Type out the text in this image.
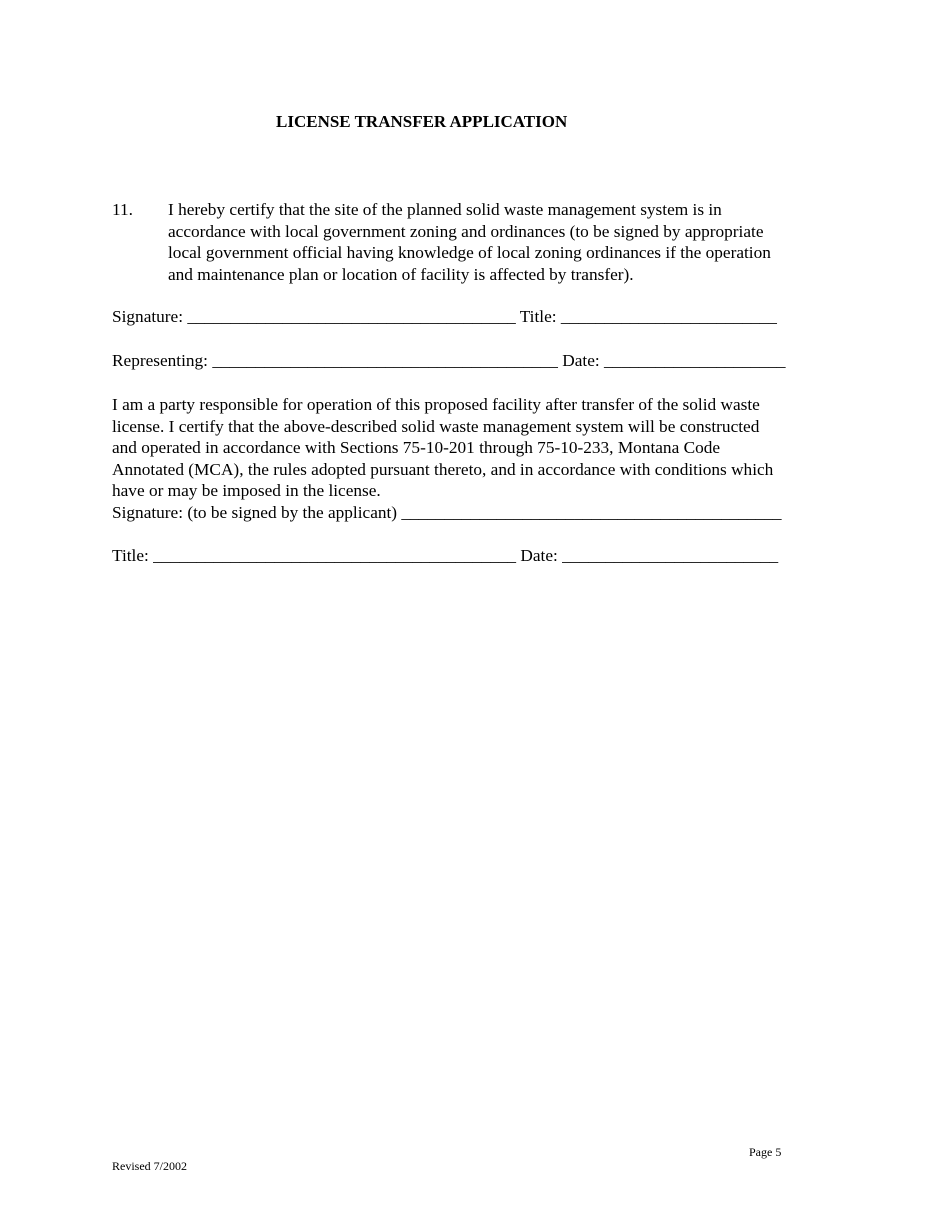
LICENSE TRANSFER APPLICATION
11. I hereby certify that the site of the planned solid waste management system is in
accordance with local government zoning and ordinances (to be signed by appropriate
local government official having knowledge of local zoning ordinances if the operation
and maintenance plan or location of facility is affected by transfer).
Signature: ______________________________________ Title: _________________________
Representing: ________________________________________ Date: _____________________
I am a party responsible for operation of this proposed facility after transfer of the solid waste
license. I certify that the above-described solid waste management system will be constructed
and operated in accordance with Sections 75-10-201 through 75-10-233, Montana Code
Annotated (MCA), the rules adopted pursuant thereto, and in accordance with conditions which
have or may be imposed in the license.
Signature: (to be signed by the applicant) ____________________________________________
Title: __________________________________________ Date: _________________________
Page 5
Revised 7/2002
